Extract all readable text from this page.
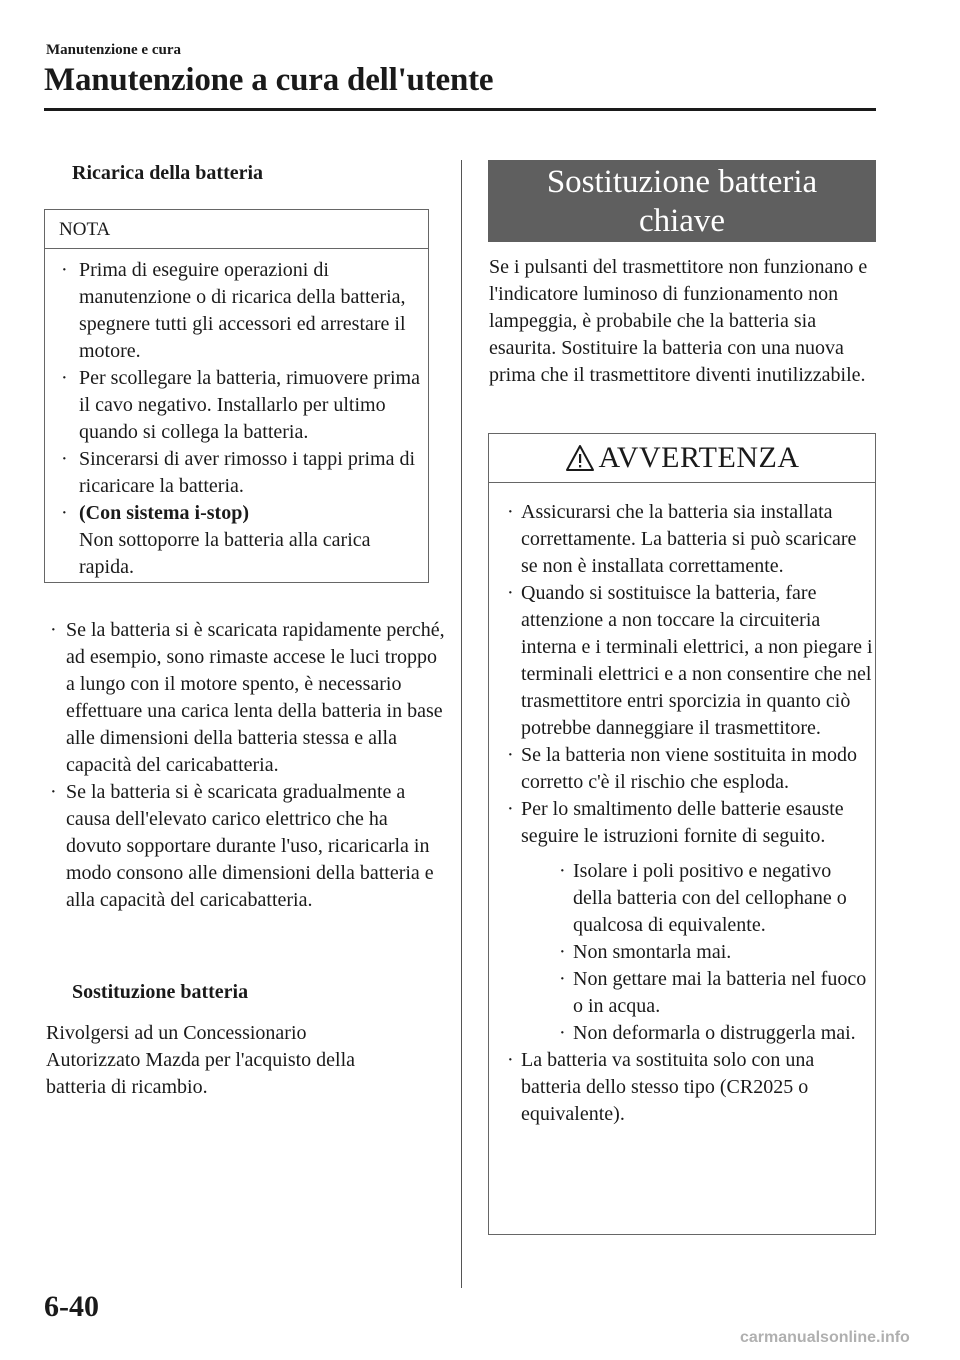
Manutenzione e cura
Manutenzione a cura dell'utente
Ricarica della batteria
NOTA
· Prima di eseguire operazioni di manutenzione o di ricarica della batteria, spegnere tutti gli accessori ed arrestare il motore.
· Per scollegare la batteria, rimuovere prima il cavo negativo. Installarlo per ultimo quando si collega la batteria.
· Sincerarsi di aver rimosso i tappi prima di ricaricare la batteria.
· (Con sistema i-stop)
Non sottoporre la batteria alla carica rapida.
· Se la batteria si è scaricata rapidamente perché, ad esempio, sono rimaste accese le luci troppo a lungo con il motore spento, è necessario effettuare una carica lenta della batteria in base alle dimensioni della batteria stessa e alla capacità del caricabatteria.
· Se la batteria si è scaricata gradualmente a causa dell'elevato carico elettrico che ha dovuto sopportare durante l'uso, ricaricarla in modo consono alle dimensioni della batteria e alla capacità del caricabatteria.
Sostituzione batteria
Rivolgersi ad un Concessionario Autorizzato Mazda per l'acquisto della batteria di ricambio.
Sostituzione batteria
chiave
Se i pulsanti del trasmettitore non funzionano e l'indicatore luminoso di funzionamento non lampeggia, è probabile che la batteria sia esaurita. Sostituire la batteria con una nuova prima che il trasmettitore diventi inutilizzabile.
AVVERTENZA
· Assicurarsi che la batteria sia installata correttamente. La batteria si può scaricare se non è installata correttamente.
· Quando si sostituisce la batteria, fare attenzione a non toccare la circuiteria interna e i terminali elettrici, a non piegare i terminali elettrici e a non consentire che nel trasmettitore entri sporcizia in quanto ciò potrebbe danneggiare il trasmettitore.
· Se la batteria non viene sostituita in modo corretto c'è il rischio che esploda.
· Per lo smaltimento delle batterie esauste seguire le istruzioni fornite di seguito.
· Isolare i poli positivo e negativo della batteria con del cellophane o qualcosa di equivalente.
· Non smontarla mai.
· Non gettare mai la batteria nel fuoco o in acqua.
· Non deformarla o distruggerla mai.
· La batteria va sostituita solo con una batteria dello stesso tipo (CR2025 o equivalente).
6-40
carmanualsonline.info
